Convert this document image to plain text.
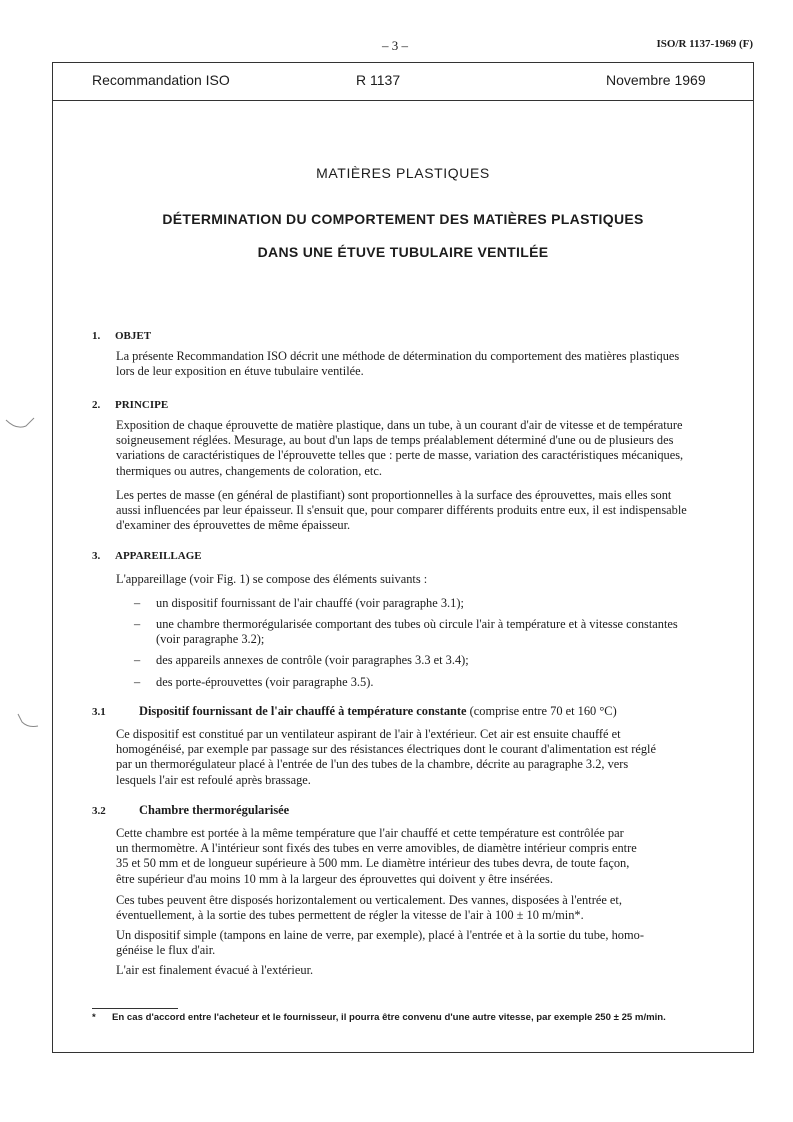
– 3 –	ISO/R 1137-1969 (F)
Recommandation ISO	R 1137	Novembre 1969
MATIÈRES PLASTIQUES
DÉTERMINATION DU COMPORTEMENT DES MATIÈRES PLASTIQUES
DANS UNE ÉTUVE TUBULAIRE VENTILÉE
1. OBJET
La présente Recommandation ISO décrit une méthode de détermination du comportement des matières plastiques
lors de leur exposition en étuve tubulaire ventilée.
2. PRINCIPE
Exposition de chaque éprouvette de matière plastique, dans un tube, à un courant d'air de vitesse et de température
soigneusement réglées. Mesurage, au bout d'un laps de temps préalablement déterminé d'une ou de plusieurs des
variations de caractéristiques de l'éprouvette telles que : perte de masse, variation des caractéristiques mécaniques,
thermiques ou autres, changements de coloration, etc.
Les pertes de masse (en général de plastifiant) sont proportionnelles à la surface des éprouvettes, mais elles sont
aussi influencées par leur épaisseur. Il s'ensuit que, pour comparer différents produits entre eux, il est indispensable
d'examiner des éprouvettes de même épaisseur.
3. APPAREILLAGE
L'appareillage (voir Fig. 1) se compose des éléments suivants :
–	un dispositif fournissant de l'air chauffé (voir paragraphe 3.1);
–	une chambre thermorégularisée comportant des tubes où circule l'air à température et à vitesse constantes
(voir paragraphe 3.2);
–	des appareils annexes de contrôle (voir paragraphes 3.3 et 3.4);
–	des porte-éprouvettes (voir paragraphe 3.5).
3.1	Dispositif fournissant de l'air chauffé à température constante (comprise entre 70 et 160 °C)
Ce dispositif est constitué par un ventilateur aspirant de l'air à l'extérieur. Cet air est ensuite chauffé et
homogénéisé, par exemple par passage sur des résistances électriques dont le courant d'alimentation est réglé
par un thermorégulateur placé à l'entrée de l'un des tubes de la chambre, décrite au paragraphe 3.2, vers
lesquels l'air est refoulé après brassage.
3.2	Chambre thermorégularisée
Cette chambre est portée à la même température que l'air chauffé et cette température est contrôlée par
un thermomètre. A l'intérieur sont fixés des tubes en verre amovibles, de diamètre intérieur compris entre
35 et 50 mm et de longueur supérieure à 500 mm. Le diamètre intérieur des tubes devra, de toute façon,
être supérieur d'au moins 10 mm à la largeur des éprouvettes qui doivent y être insérées.
Ces tubes peuvent être disposés horizontalement ou verticalement. Des vannes, disposées à l'entrée et,
éventuellement, à la sortie des tubes permettent de régler la vitesse de l'air à 100 ± 10 m/min*.
Un dispositif simple (tampons en laine de verre, par exemple), placé à l'entrée et à la sortie du tube, homo-
généise le flux d'air.
L'air est finalement évacué à l'extérieur.
* En cas d'accord entre l'acheteur et le fournisseur, il pourra être convenu d'une autre vitesse, par exemple 250 ± 25 m/min.
